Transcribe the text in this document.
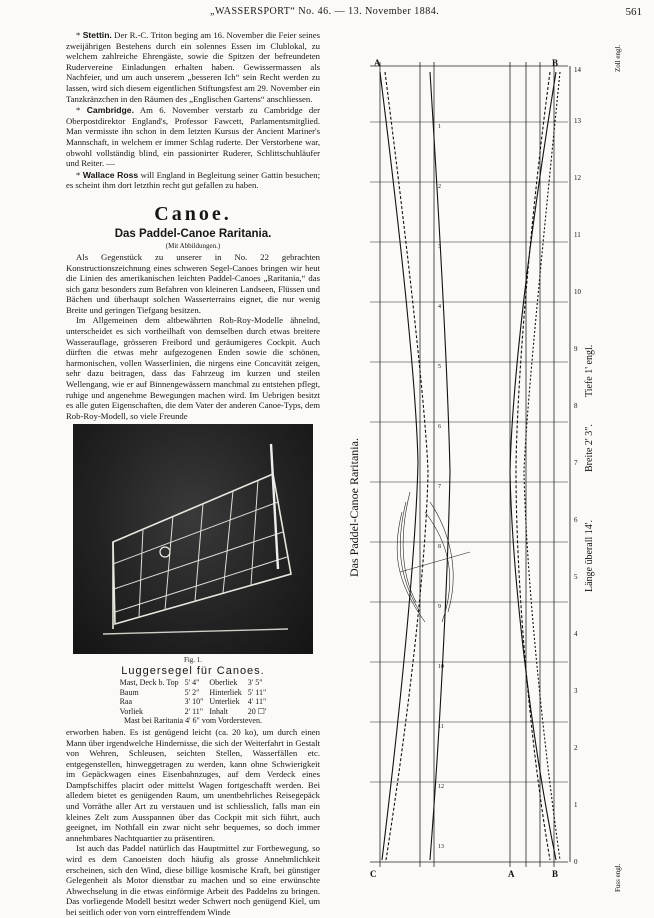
„WASSERSPORT“ No. 46. — 13. November 1884.	561

* Stettin. Der R.-C. Triton beging am 16. November die Feier seines zweijährigen Bestehens durch ein solennes Essen im Clublokal, zu welchem zahlreiche Ehrengäste, sowie die Spitzen der befreundeten Rudervereine Einladungen erhalten haben. Gewissermassen als Nachfeier, und um auch unserem „besseren Ich“ sein Recht werden zu lassen, wird sich diesem eigentlichen Stiftungsfest am 29. November ein Tanzkränzchen in den Räumen des „Englischen Gartens“ anschliessen.

* Cambridge. Am 6. November verstarb zu Cambridge der Oberpostdirektor England's, Professor Fawcett, Parlamentsmitglied. Man vermisste ihn schon in dem letzten Kursus der Ancient Mariner's Mannschaft, in welchem er immer Schlag ruderte. Der Verstorbene war, obwohl vollständig blind, ein passionirter Ruderer, Schlittschuhläufer und Reiter. —

* Wallace Ross will England in Begleitung seiner Gattin besuchen; es scheint ihm dort letzthin recht gut gefallen zu haben.

Canoe.
Das Paddel-Canoe Raritania.
(Mit Abbildungen.)

Als Gegenstück zu unserer in No. 22 gebrachten Konstructionszeichnung eines schweren Segel-Canoes bringen wir heut die Linien des amerikanischen leichten Paddel-Canoes „Raritania,“ das sich ganz besonders zum Befahren von kleineren Landseen, Flüssen und Bächen und überhaupt solchen Wasserterrains eignet, die nur wenig Breite und geringen Tiefgang besitzen.

Im Allgemeinen dem altbewährten Rob-Roy-Modelle ähnelnd, unterscheidet es sich vortheilhaft von demselben durch etwas breitere Wasserauflage, grösseren Freibord und geräumigeres Cockpit. Auch dürften die etwas mehr aufgezogenen Enden sowie die schönen, harmonischen, vollen Wasserlinien, die nirgens eine Concavität zeigen, sehr dazu beitragen, dass das Fahrzeug im kurzen und steilen Wellengang, wie er auf Binnengewässern manchmal zu entstehen pflegt, ruhige und angenehme Bewegungen machen wird. Im Uebrigen besitzt es alle guten Eigenschaften, die dem Vater der anderen Canoe-Typs, dem Rob-Roy-Modell, so viele Freunde

Fig. 1.
Luggersegel für Canoes.
Mast, Deck b. Top	5' 4"	Oberliek	3' 5"
Baum	5' 2"	Hinterliek	5' 11"
Raa	3' 10"	Unterliek	4' 11"
Vorliek	2' 11"	Inhalt	20 ☐'
Mast bei Raritania 4' 6" vom Vordersteven.

erworben haben. Es ist genügend leicht (ca. 20 ko), um durch einen Mann über irgendwelche Hindernisse, die sich der Weiterfahrt in Gestalt von Wehren, Schleusen, seichten Stellen, Wasserfällen etc. entgegenstellen, hinweggetragen zu werden, kann ohne Schwierigkeit im Gepäckwagen eines Eisenbahnzuges, auf dem Verdeck eines Dampfschiffes placirt oder mittelst Wagen fortgeschafft werden. Bei alledem bietet es genügenden Raum, um unentbehrliches Reisegepäck und Vorräthe aller Art zu verstauen und ist schliesslich, falls man ein kleines Zelt zum Ausspannen über das Cockpit mit sich führt, auch geeignet, im Nothfall ein zwar nicht sehr bequemes, so doch immer annehmbares Nachtquartier zu präsentiren.

Ist auch das Paddel natürlich das Hauptmittel zur Fortbewegung, so wird es dem Canoeisten doch häufig als grosse Annehmlichkeit erscheinen, sich den Wind, diese billige kosmische Kraft, bei günstiger Gelegenheit als Motor dienstbar zu machen und so eine erwünschte Abwechselung in die etwas einförmige Arbeit des Paddelns zu bringen. Das vorliegende Modell besitzt weder Schwert noch genügend Kiel, um bei seitlich oder von vorn eintreffendem Winde

Das Paddel-Canoe Raritania.	Länge überall 14'.
Breite 2' 3".
Tiefe 1' engl.
Zoll engl.
Fuss engl.
A	B
C	A	B
0
1
2
3
4
5
6
7
8
9
10
11
12
13
14
1
2
3
4
5
6
7
8
9
10
11
12
13
